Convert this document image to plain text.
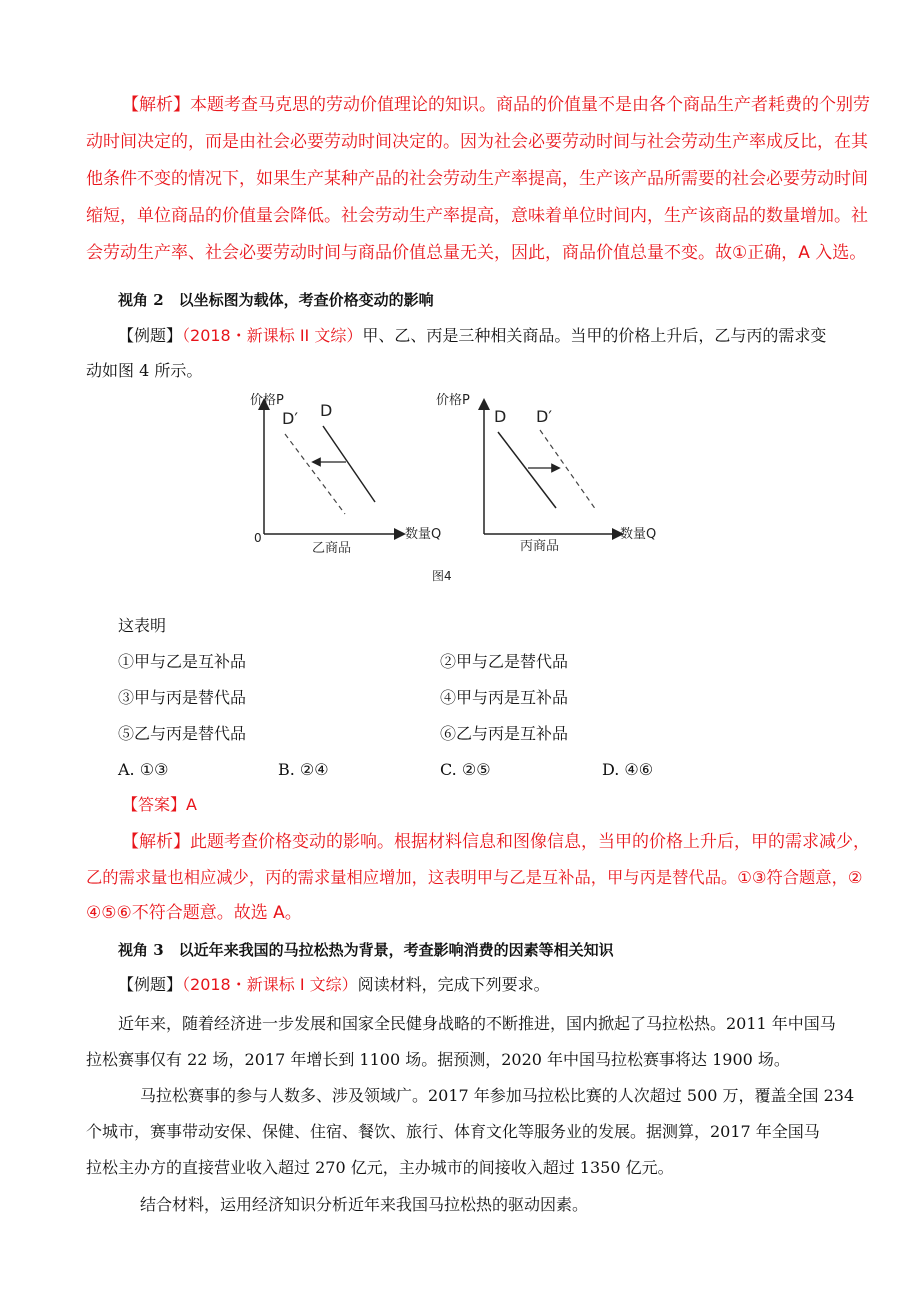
【解析】本题考查马克思的劳动价值理论的知识。商品的价值量不是由各个商品生产者耗费的个别劳
动时间决定的，而是由社会必要劳动时间决定的。因为社会必要劳动时间与社会劳动生产率成反比，在其
他条件不变的情况下，如果生产某种产品的社会劳动生产率提高，生产该产品所需要的社会必要劳动时间
缩短，单位商品的价值量会降低。社会劳动生产率提高，意味着单位时间内，生产该商品的数量增加。社
会劳动生产率、社会必要劳动时间与商品价值总量无关，因此，商品价值总量不变。故①正确，A 入选。
视角 2　以坐标图为载体，考查价格变动的影响
【例题】（2018・新课标 II 文综）甲、乙、丙是三种相关商品。当甲的价格上升后，乙与丙的需求变
动如图 4 所示。
价格P
D′ D
数量Q
0
乙商品
价格P
D D′
数量Q
丙商品
图4
这表明
①甲与乙是互补品	②甲与乙是替代品
③甲与丙是替代品	④甲与丙是互补品
⑤乙与丙是替代品	⑥乙与丙是互补品
A. ①③	B. ②④	C. ②⑤	D. ④⑥
【答案】A
【解析】此题考查价格变动的影响。根据材料信息和图像信息，当甲的价格上升后，甲的需求减少，
乙的需求量也相应减少，丙的需求量相应增加，这表明甲与乙是互补品，甲与丙是替代品。①③符合题意，②
④⑤⑥不符合题意。故选 A。
视角 3　以近年来我国的马拉松热为背景，考查影响消费的因素等相关知识
【例题】（2018・新课标 I 文综）阅读材料，完成下列要求。
近年来，随着经济进一步发展和国家全民健身战略的不断推进，国内掀起了马拉松热。2011 年中国马
拉松赛事仅有 22 场，2017 年增长到 1100 场。据预测，2020 年中国马拉松赛事将达 1900 场。
马拉松赛事的参与人数多、涉及领域广。2017 年参加马拉松比赛的人次超过 500 万，覆盖全国 234
个城市，赛事带动安保、保健、住宿、餐饮、旅行、体育文化等服务业的发展。据测算，2017 年全国马
拉松主办方的直接营业收入超过 270 亿元，主办城市的间接收入超过 1350 亿元。
结合材料，运用经济知识分析近年来我国马拉松热的驱动因素。
